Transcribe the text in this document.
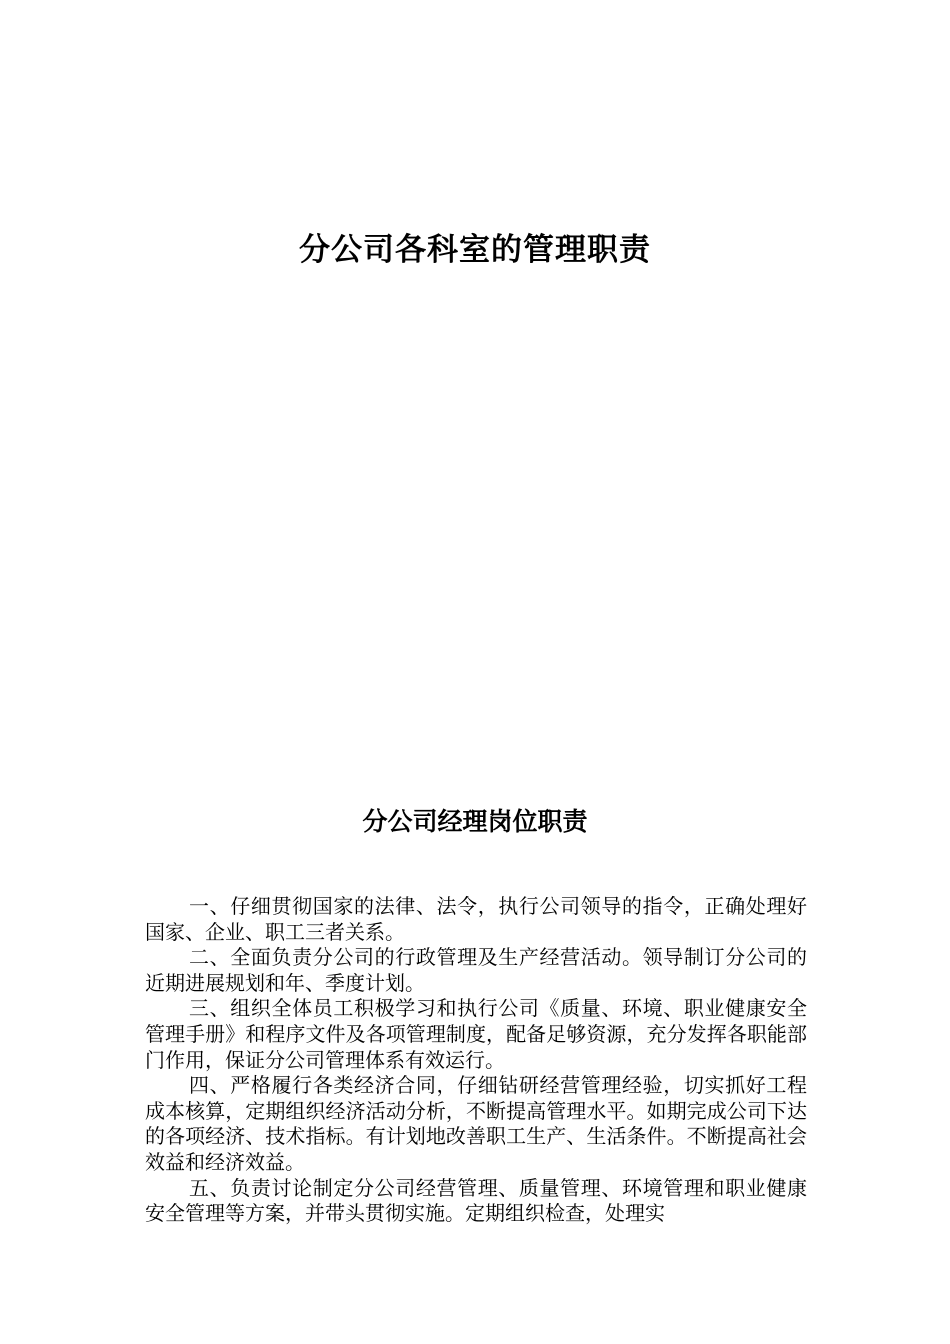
分公司各科室的管理职责
分公司经理岗位职责

一、仔细贯彻国家的法律、法令，执行公司领导的指令，正确处理好国家、企业、职工三者关系。

二、全面负责分公司的行政管理及生产经营活动。领导制订分公司的近期进展规划和年、季度计划。

三、组织全体员工积极学习和执行公司《质量、环境、职业健康安全管理手册》和程序文件及各项管理制度，配备足够资源，充分发挥各职能部门作用，保证分公司管理体系有效运行。

四、严格履行各类经济合同，仔细钻研经营管理经验，切实抓好工程成本核算，定期组织经济活动分析，不断提高管理水平。如期完成公司下达的各项经济、技术指标。有计划地改善职工生产、生活条件。不断提高社会效益和经济效益。

五、负责讨论制定分公司经营管理、质量管理、环境管理和职业健康安全管理等方案，并带头贯彻实施。定期组织检查，处理实
